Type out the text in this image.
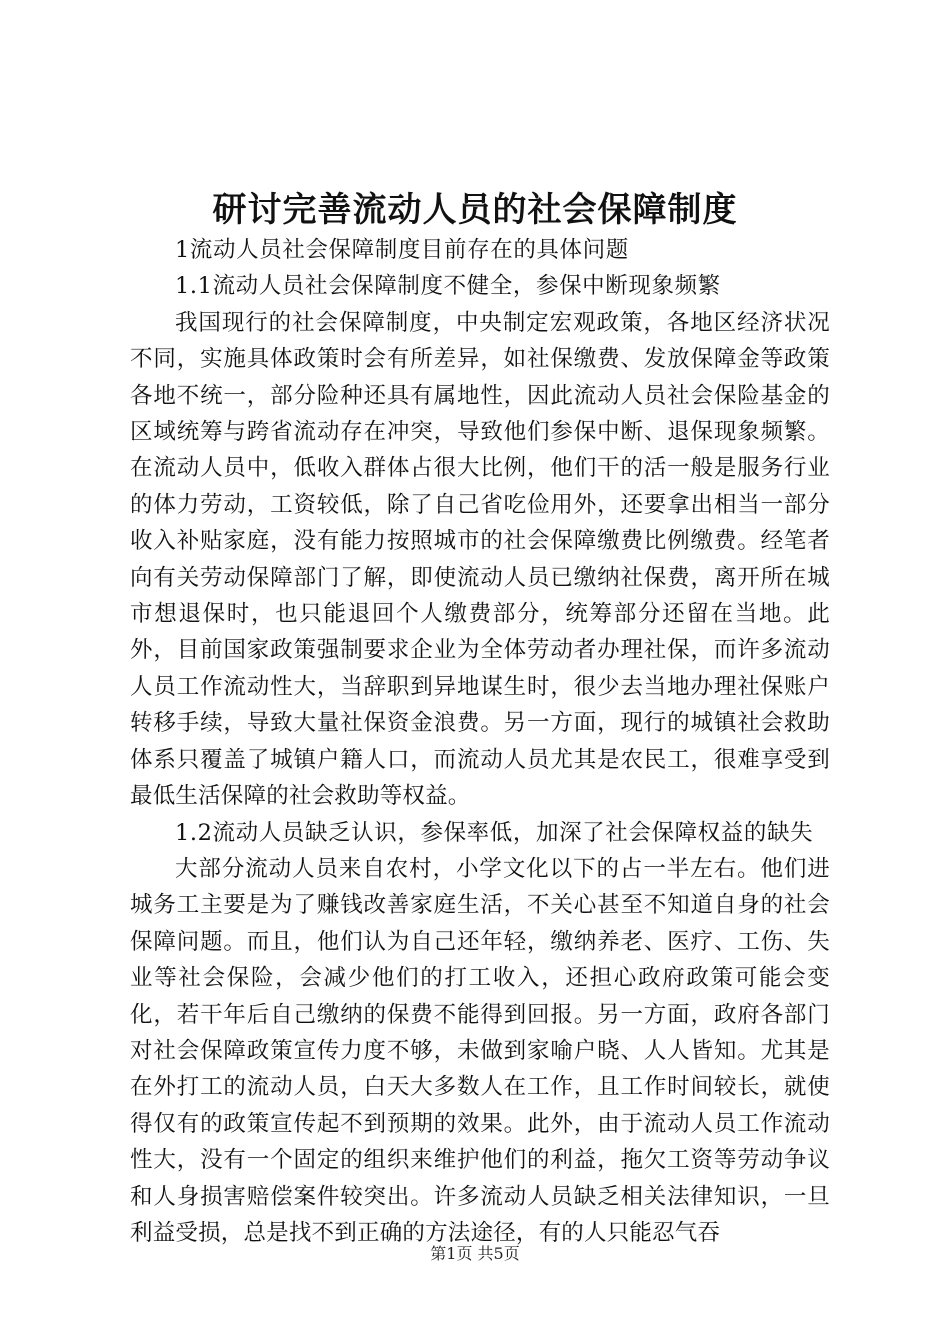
研讨完善流动人员的社会保障制度

1流动人员社会保障制度目前存在的具体问题

1.1流动人员社会保障制度不健全，参保中断现象频繁

我国现行的社会保障制度，中央制定宏观政策，各地区经济状况不同，实施具体政策时会有所差异，如社保缴费、发放保障金等政策各地不统一，部分险种还具有属地性，因此流动人员社会保险基金的区域统筹与跨省流动存在冲突，导致他们参保中断、退保现象频繁。在流动人员中，低收入群体占很大比例，他们干的活一般是服务行业的体力劳动，工资较低，除了自己省吃俭用外，还要拿出相当一部分收入补贴家庭，没有能力按照城市的社会保障缴费比例缴费。经笔者向有关劳动保障部门了解，即使流动人员已缴纳社保费，离开所在城市想退保时，也只能退回个人缴费部分，统筹部分还留在当地。此外，目前国家政策强制要求企业为全体劳动者办理社保，而许多流动人员工作流动性大，当辞职到异地谋生时，很少去当地办理社保账户转移手续，导致大量社保资金浪费。另一方面，现行的城镇社会救助体系只覆盖了城镇户籍人口，而流动人员尤其是农民工，很难享受到最低生活保障的社会救助等权益。

1.2流动人员缺乏认识，参保率低，加深了社会保障权益的缺失

大部分流动人员来自农村，小学文化以下的占一半左右。他们进城务工主要是为了赚钱改善家庭生活，不关心甚至不知道自身的社会保障问题。而且，他们认为自己还年轻，缴纳养老、医疗、工伤、失业等社会保险，会减少他们的打工收入，还担心政府政策可能会变化，若干年后自己缴纳的保费不能得到回报。另一方面，政府各部门对社会保障政策宣传力度不够，未做到家喻户晓、人人皆知。尤其是在外打工的流动人员，白天大多数人在工作，且工作时间较长，就使得仅有的政策宣传起不到预期的效果。此外，由于流动人员工作流动性大，没有一个固定的组织来维护他们的利益，拖欠工资等劳动争议和人身损害赔偿案件较突出。许多流动人员缺乏相关法律知识，一旦利益受损，总是找不到正确的方法途径，有的人只能忍气吞

第1页 共5页
